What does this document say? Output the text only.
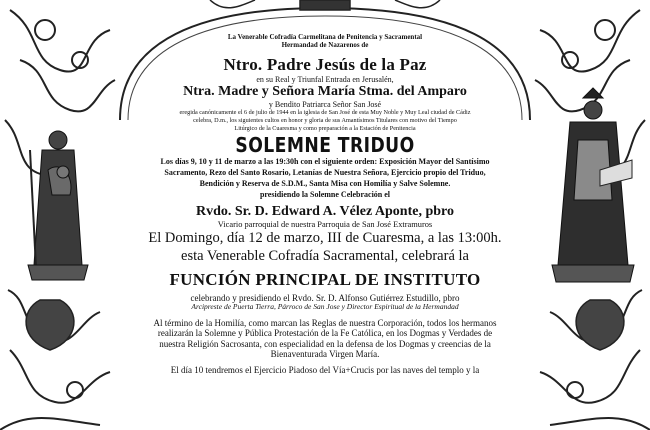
La Venerable Cofradía Carmelitana de Penitencia y Sacramental
Hermandad de Nazarenos de
Ntro. Padre Jesús de la Paz
en su Real y Triunfal Entrada en Jerusalén,
Ntra. Madre y Señora María Stma. del Amparo
y Bendito Patriarca Señor San José
eregida canónicamente el 6 de julio de 1944 en la iglesia de San José de esta Muy Noble y Muy Leal ciudad de Cádiz
celebra, D.m., los siguientes cultos en honor y gloria de sus Amantísimos Titulares con motivo del Tiempo
Litúrgico de la Cuaresma y como preparación a la Estación de Penitencia
SOLEMNE TRIDUO
Los días 9, 10 y 11 de marzo a las 19:30h con el siguiente orden: Exposición Mayor del Santísimo
Sacramento, Rezo del Santo Rosario, Letanías de Nuestra Señora, Ejercicio propio del Triduo,
Bendición y Reserva de S.D.M., Santa Misa con Homilía y Salve Solemne.
presidiendo la Solemne Celebración el
Rvdo. Sr. D. Edward A. Vélez Aponte, pbro
Vicario parroquial de nuestra Parroquia de San José Extramuros
El Domingo, día 12 de marzo, III de Cuaresma, a las 13:00h.
esta Venerable Cofradía Sacramental, celebrará la
FUNCIÓN PRINCIPAL DE INSTITUTO
celebrando y presidiendo el Rvdo. Sr. D. Alfonso Gutiérrez Estudillo, pbro
Arcipreste de Puerta Tierra, Párroco de San Jose y Director Espiritual de la Hermandad
Al término de la Homilía, como marcan las Reglas de nuestra Corporación, todos los hermanos
realizarán la Solemne y Pública Protestación de la Fe Católica, en los Dogmas y Verdades de
nuestra Religión Sacrosanta, con especialidad en la defensa de los Dogmas y creencias de la
Bienaventurada Virgen María.
El día 10 tendremos el Ejercicio Piadoso del Vía+Crucis por las naves del templo y la
